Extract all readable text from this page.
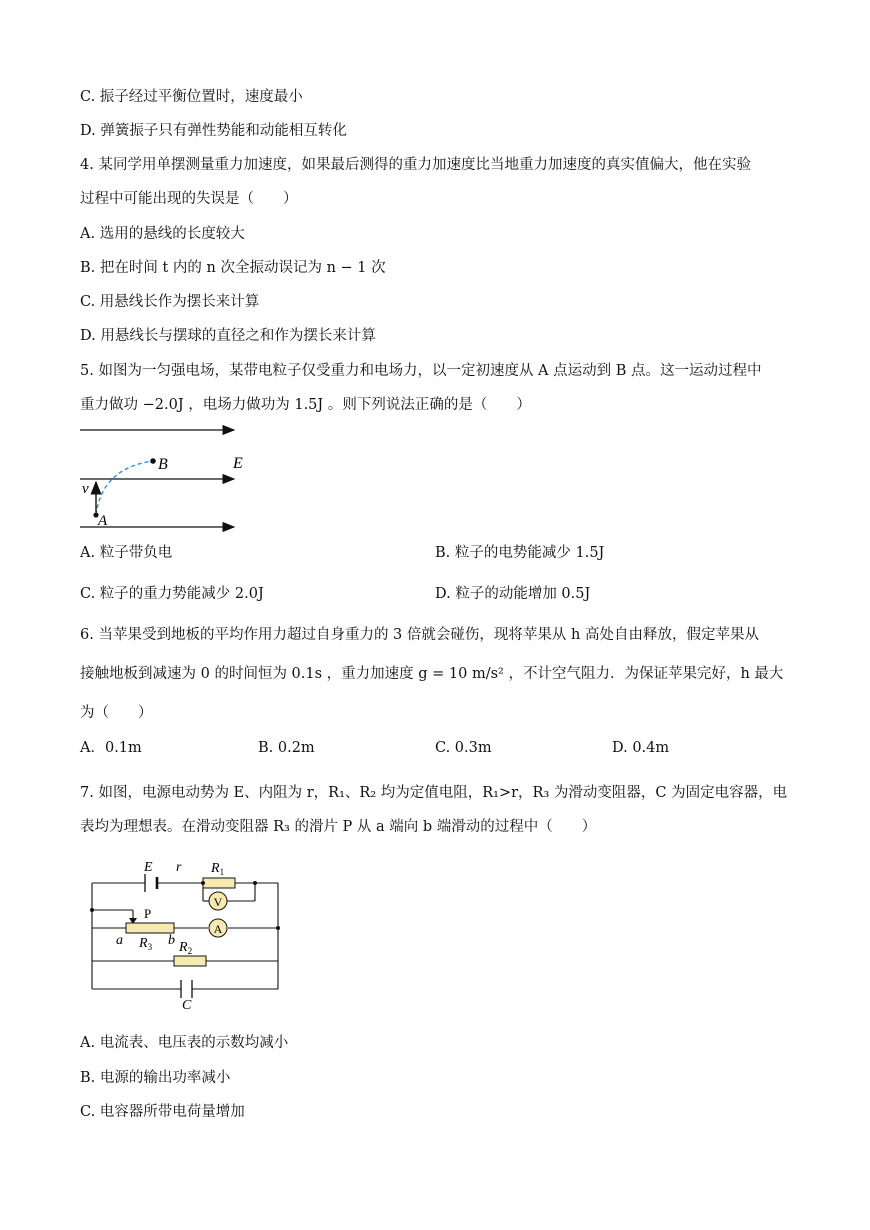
C. 振子经过平衡位置时，速度最小
D. 弹簧振子只有弹性势能和动能相互转化
4. 某同学用单摆测量重力加速度，如果最后测得的重力加速度比当地重力加速度的真实值偏大，他在实验
过程中可能出现的失误是（　　）
A. 选用的悬线的长度较大
B. 把在时间 t 内的 n 次全振动误记为 n − 1 次
C. 用悬线长作为摆长来计算
D. 用悬线长与摆球的直径之和作为摆长来计算
5. 如图为一匀强电场，某带电粒子仅受重力和电场力，以一定初速度从 A 点运动到 B 点。这一运动过程中
重力做功 −2.0J ，电场力做功为 1.5J 。则下列说法正确的是（　　）
B	E
v
A
A. 粒子带负电	B. 粒子的电势能减少 1.5J
C. 粒子的重力势能减少 2.0J	D. 粒子的动能增加 0.5J
6. 当苹果受到地板的平均作用力超过自身重力的 3 倍就会碰伤，现将苹果从 h 高处自由释放，假定苹果从
接触地板到减速为 0 的时间恒为 0.1s ，重力加速度 g = 10 m/s² ，不计空气阻力．为保证苹果完好，h 最大
为（　　）
A．0.1m	B. 0.2m	C. 0.3m	D. 0.4m
7. 如图，电源电动势为 E、内阻为 r，R₁、R₂ 均为定值电阻，R₁>r，R₃ 为滑动变阻器，C 为固定电容器，电
表均为理想表。在滑动变阻器 R₃ 的滑片 P 从 a 端向 b 端滑动的过程中（　　）
E r $R_1$
V
A
P
a $R_3$ b $R_2$
C
A. 电流表、电压表的示数均减小
B. 电源的输出功率减小
C. 电容器所带电荷量增加
